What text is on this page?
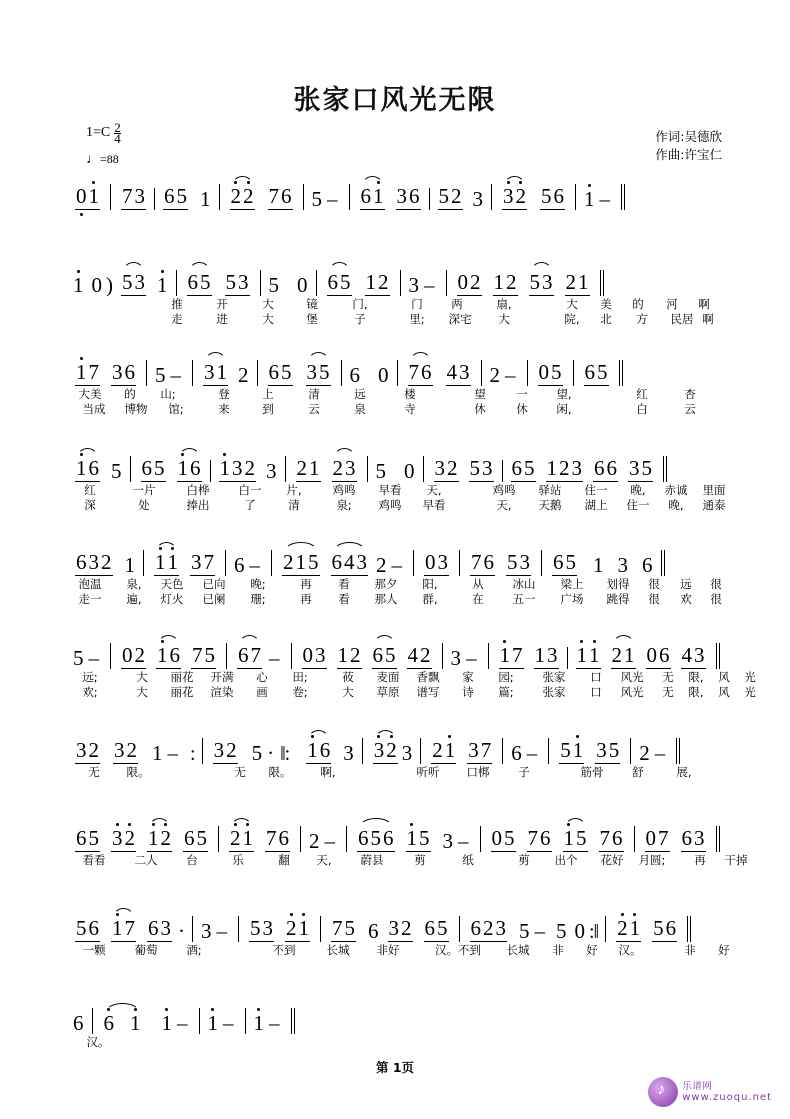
张家口风光无限
$1=C \frac{2}{4}$
♩=88
作词:吴德欣
作曲:许宝仁
0 1 7 3 6 5 1 2 2 7 6 5 – 6 1 3 6 5 2 3 3 2 5 6 1 –
1 0 ) 5 3 1 6 5 5 3 5 0 6 5 1 2 3 – 0 2 1 2 5 3 2 1
推	开	大	镜	门,	门 两	扇,	大 美 的 河 啊
走	进	大	堡	子	里; 深宅 大	院, 北 方 民居 啊
1 7 3 6 5 – 3 1 2 6 5 3 5 6 0 7 6 4 3 2 – 0 5 6 5
大美 的 山;	登	上	清	远	楼	望	一 望,	红	杏
当成 博物 馆;	来	到	云	泉	寺	休	休 闲,	白	云
1 6 5 6 5 1 6 1 3 2 3 2 1 2 3 5 0 3 2 5 3 6 5 1 2 3 6 6 3 5
红	一片	白桦	白一 片,	鸡鸣 早看 天,	鸡鸣 驿站 住一 晚, 赤诚 里面
深	处	捧出	了	清	泉; 鸡鸣 早看	天, 天鹅 湖上 住一 晚, 通泰
6 3 2 1 1 1 3 7 6 – 2 1 5 6 4 3 2 – 0 3 7 6 5 3 6 5 1 3 6
泡温 泉, 天色 已向 晚;	再 看 那夕 阳,	从	冰山 梁上 划得 很 远 很
走一 遍, 灯火 已阑 珊;	再 看 那人 群,	在	五一 广场 跳得 很 欢 很
5 – 0 2 1 6 7 5 6 7 – 0 3 1 2 6 5 4 2 3 – 1 7 1 3 1 1 2 1 0 6 4 3
远;	大 丽花 开满 心 田;	莜 麦面 香飘 家 园;	张家 口 风光 无 限, 风 光
欢;	大 丽花 渲染 画 卷;	大 草原 谱写 诗 篇;	张家 口 风光 无 限, 风 光
3 2 3 2 1 – : 3 2 5 · ‖: 1 6 3 3 2 3 2 1 3 7 6 – 5 1 3 5 2 –
无 限。	无 限。	啊,	听听 口梆	子	筋骨	舒	展,
6 5 3 2 1 2 6 5 2 1 7 6 2 – 6 5 6 1 5 3 – 0 5 7 6 1 5 7 6 0 7 6 3
看看	二人	台	乐	翻 天,	蔚县	剪	纸	剪 出个 花好 月圆;	再 干掉
5 6 1 7 6 3 · 3 – 5 3 2 1 7 5 6 3 2 6 5 6 2 3 5 – 5 0 :‖ 2 1 5 6
一颗	葡萄	酒;	不到	长城 非好	汉。不到 长城 非 好 汉。	非 好
6 6 1 1 – 1 – 1 –
汉。
第 1页
♪
乐谱网
www.zuoqu.net
